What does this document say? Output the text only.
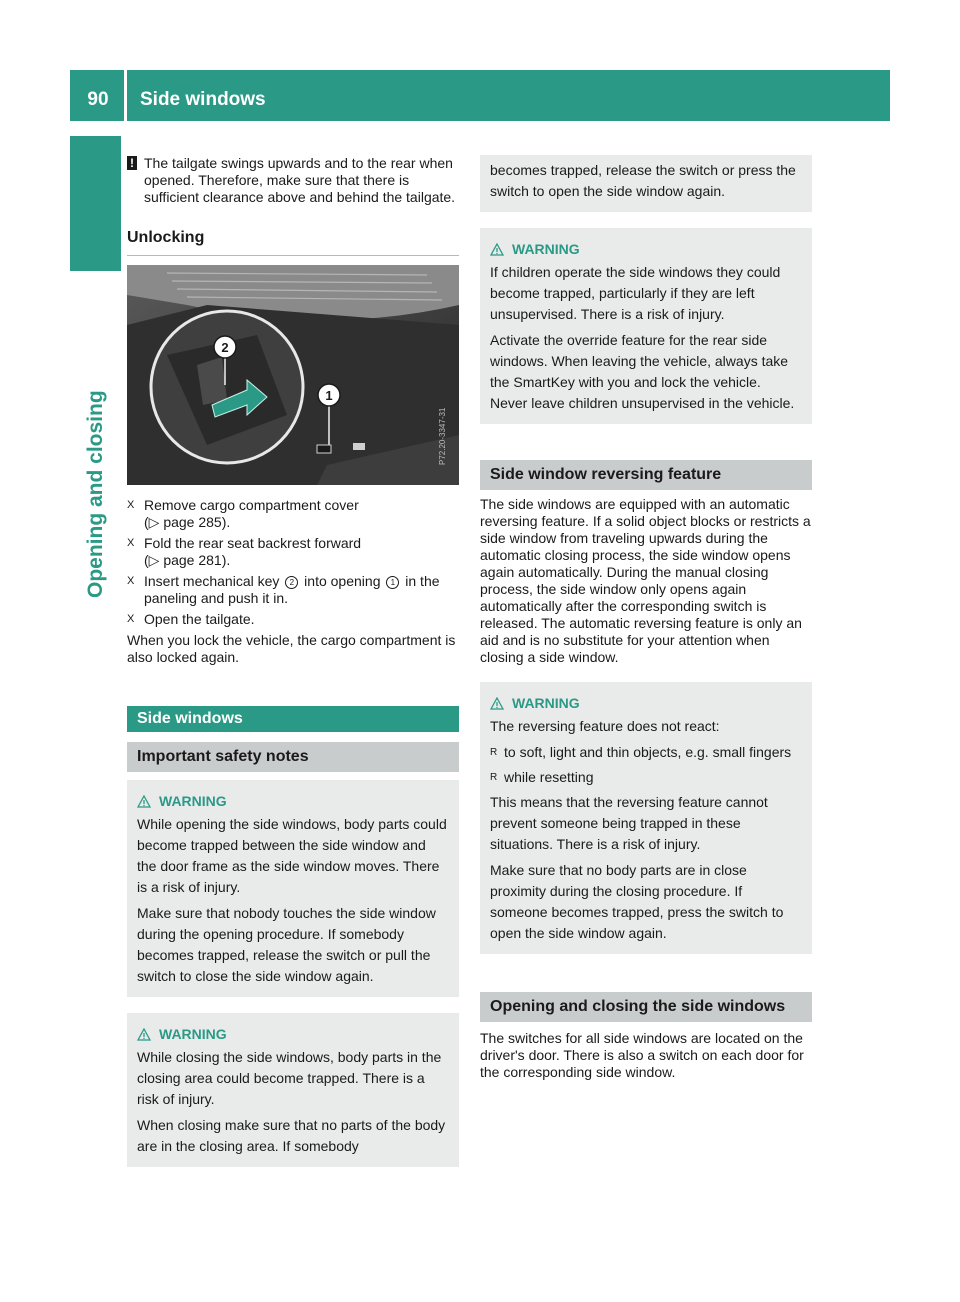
90	Side windows
Opening and closing
! The tailgate swings upwards and to the rear when opened. Therefore, make sure that there is sufficient clearance above and behind the tailgate.

Unlocking
2
1
P72.20-3347-31
X Remove cargo compartment cover

(▷ page 285).

X Fold the rear seat backrest forward

(▷ page 281).

X Insert mechanical key 2 into opening 1 in the paneling and push it in.

X Open the tailgate.

When you lock the vehicle, the cargo compartment is also locked again.

Side windows
Important safety notes
WARNING

While opening the side windows, body parts could become trapped between the side window and the door frame as the side window moves. There is a risk of injury.

Make sure that nobody touches the side window during the opening procedure. If somebody becomes trapped, release the switch or pull the switch to close the side window again.

WARNING

While closing the side windows, body parts in the closing area could become trapped. There is a risk of injury.

When closing make sure that no parts of the body are in the closing area. If somebody

becomes trapped, release the switch or press the switch to open the side window again.

WARNING

If children operate the side windows they could become trapped, particularly if they are left unsupervised. There is a risk of injury.

Activate the override feature for the rear side windows. When leaving the vehicle, always take the SmartKey with you and lock the vehicle. Never leave children unsupervised in the vehicle.

Side window reversing feature

The side windows are equipped with an automatic reversing feature. If a solid object blocks or restricts a side window from traveling upwards during the automatic closing process, the side window opens again automatically. During the manual closing process, the side window only opens again automatically after the corresponding switch is released. The automatic reversing feature is only an aid and is no substitute for your attention when closing a side window.

WARNING

The reversing feature does not react:

R to soft, light and thin objects, e.g. small fingers
R while resetting

This means that the reversing feature cannot prevent someone being trapped in these situations. There is a risk of injury.

Make sure that no body parts are in close proximity during the closing procedure. If someone becomes trapped, press the switch to open the side window again.

Opening and closing the side windows

The switches for all side windows are located on the driver's door. There is also a switch on each door for the corresponding side window.
